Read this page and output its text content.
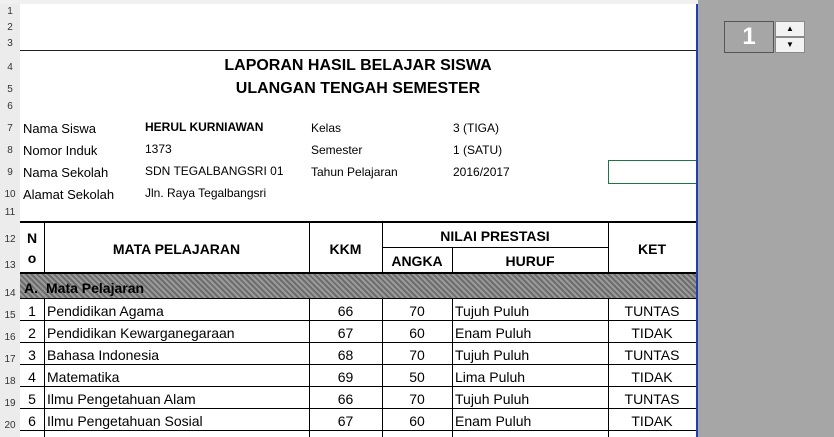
1
2
3
4
5
6
7
8
9
10
11
12
13
14
15
16
17
18
19
20
LAPORAN HASIL BELAJAR SISWA
ULANGAN TENGAH SEMESTER
Nama Siswa	HERUL KURNIAWAN
Nomor Induk	1373
Nama Sekolah	SDN TEGALBANGSRI 01
Alamat Sekolah	Jln. Raya Tegalbangsri
Kelas	3 (TIGA)
Semester	1 (SATU)
Tahun Pelajaran	2016/2017
N
o
MATA PELAJARAN	KKM
NILAI PRESTASI
ANGKA	HURUF
KET
A. Mata Pelajaran
1 Pendidikan Agama	66	70	Tujuh Puluh	TUNTAS
2 Pendidikan Kewarganegaraan	67	60	Enam Puluh	TIDAK
3 Bahasa Indonesia	68	70	Tujuh Puluh	TUNTAS
4 Matematika	69	50	Lima Puluh	TIDAK
5 Ilmu Pengetahuan Alam	66	70	Tujuh Puluh	TUNTAS
6 Ilmu Pengetahuan Sosial	67	60	Enam Puluh	TIDAK
1	▲
▼
